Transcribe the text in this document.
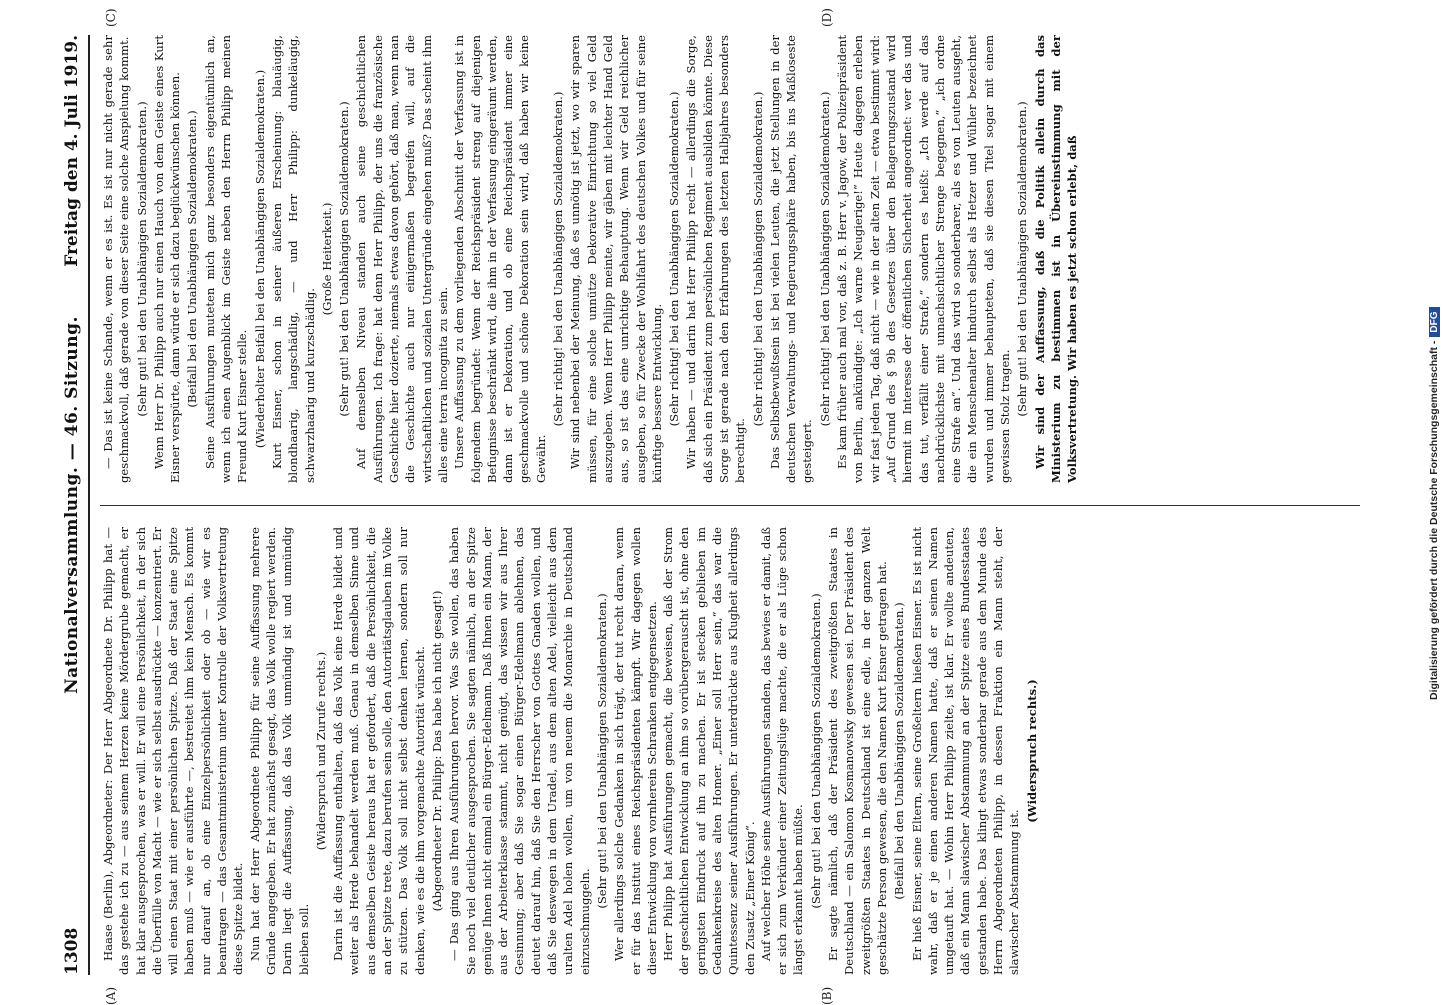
1308
Nationalversammlung. — 46. Sitzung.
Freitag den 4. Juli 1919.
(A)	(B)
(C)	(D)

Haase (Berlin), Abgeordneter: Der Herr Abgeordnete Dr. Philipp hat — das gestehe ich zu — aus seinem Herzen keine Mördergrube gemacht, er hat klar ausgesprochen, was er will. Er will eine Persönlichkeit, in der sich die Überfülle von Macht — wie er sich selbst ausdrückte — konzentriert. Er will einen Staat mit einer persönlichen Spitze. Daß der Staat eine Spitze haben muß — wie er ausführte —, bestreitet ihm kein Mensch. Es kommt nur darauf an, ob eine Einzelpersönlichkeit oder ob — wie wir es beantragen — das Gesamtministerium unter Kontrolle der Volksvertretung diese Spitze bildet. Nun hat der Herr Abgeordnete Philipp für seine Auffassung mehrere Gründe angegeben. Er hat zunächst gesagt, das Volk wolle regiert werden. Darin liegt die Auffassung, daß das Volk unmündig ist und unmündig bleiben soll.

(Widerspruch und Zurufe rechts.) Darin ist die Auffassung enthalten, daß das Volk eine Herde bildet und weiter als Herde behandelt werden muß. Genau in demselben Sinne und aus demselben Geiste heraus hat er gefordert, daß die Persönlichkeit, die an der Spitze trete, dazu berufen sein solle, den Autoritätsglauben im Volke zu stützen. Das Volk soll nicht selbst denken lernen, sondern soll nur denken, wie es die ihm vorgemachte Autorität wünscht. (Abgeordneter Dr. Philipp: Das habe ich nicht gesagt!) — Das ging aus Ihren Ausführungen hervor. Was Sie wollen, das haben Sie noch viel deutlicher ausgesprochen. Sie sagten nämlich, an der Spitze genüge Ihnen nicht einmal ein Bürger-Edelmann. Daß Ihnen ein Mann, der aus der Arbeiterklasse stammt, nicht genügt, das wissen wir aus Ihrer Gesinnung; aber daß Sie sogar einen Bürger-Edelmann ablehnen, das deutet darauf hin, daß Sie den Herrscher von Gottes Gnaden wollen, und daß Sie deswegen in dem Uradel, aus dem alten Adel, vielleicht aus dem uralten Adel holen wollen, um von neuem die Monarchie in Deutschland einzuschmuggeln.

(Sehr gut! bei den Unabhängigen Sozialdemokraten.) Wer allerdings solche Gedanken in sich trägt, der tut recht daran, wenn er für das Institut eines Reichspräsidenten kämpft. Wir dagegen wollen dieser Entwicklung von vornherein Schranken entgegensetzen. Herr Philipp hat Ausführungen gemacht, die beweisen, daß der Strom der geschichtlichen Entwicklung an ihm so vorübergerauscht ist, ohne den geringsten Eindruck auf ihn zu machen. Er ist stecken geblieben im Gedankenkreise des alten Homer. „Einer soll Herr sein,“ das war die Quintessenz seiner Ausführungen. Er unterdrückte aus Klugheit allerdings den Zusatz „Einer König“. Auf welcher Höhe seine Ausführungen standen, das bewies er damit, daß er sich zum Verkünder einer Zeitungslüge machte, die er als Lüge schon längst erkannt haben müßte. (Sehr gut! bei den Unabhängigen Sozialdemokraten.) Er sagte nämlich, daß der Präsident des zweitgrößten Staates in Deutschland — ein Salomon Kosmanowsky gewesen sei. Der Präsident des zweitgrößten Staates in Deutschland ist eine edle, in der ganzen Welt geschätzte Person gewesen, die den Namen Kurt Eisner getragen hat. (Beifall bei den Unabhängigen Sozialdemokraten.) Er hieß Eisner, seine Eltern, seine Großeltern hießen Eisner. Es ist nicht wahr, daß er je einen anderen Namen hatte, daß er seinen Namen umgetauft hat. — Wohin Herr Philipp zielte, ist klar. Er wollte andeuten, daß ein Mann slawischer Abstammung an der Spitze eines Bundesstaates gestanden habe. Das klingt etwas sonderbar gerade aus dem Munde des Herrn Abgeordneten Philipp, in dessen Fraktion ein Mann steht, der slawischer Abstammung ist.

(Widerspruch rechts.)

— Das ist keine Schande, wenn er es ist. Es ist nur nicht gerade sehr geschmackvoll, daß gerade von dieser Seite eine solche Anspielung kommt. (Sehr gut! bei den Unabhängigen Sozialdemokraten.) Wenn Herr Dr. Philipp auch nur einen Hauch von dem Geiste eines Kurt Eisner verspürte, dann würde er sich dazu beglückwünschen können. (Beifall bei den Unabhängigen Sozialdemokraten.) Seine Ausführungen muteten mich ganz besonders eigentümlich an, wenn ich einen Augenblick im Geiste neben den Herrn Philipp meinen Freund Kurt Eisner stelle. (Wiederholter Beifall bei den Unabhängigen Sozialdemokraten.) Kurt Eisner, schon in seiner äußeren Erscheinung: blauäugig, blondhaarig, langschädlig, — und Herr Philipp: dunkeläugig, schwarzhaarig und kurzschädlig.

(Große Heiterkeit.) (Sehr gut! bei den Unabhängigen Sozialdemokraten.) Auf demselben Niveau standen auch seine geschichtlichen Ausführungen. Ich frage: hat denn Herr Philipp, der uns die französische Geschichte hier dozierte, niemals etwas davon gehört, daß man, wenn man die Geschichte auch nur einigermaßen begreifen will, auf die wirtschaftlichen und sozialen Untergründe eingehen muß? Das scheint ihm alles eine terra incognita zu sein. Unsere Auffassung zu dem vorliegenden Abschnitt der Verfassung ist in folgendem begründet: Wenn der Reichspräsident streng auf diejenigen Befugnisse beschränkt wird, die ihm in der Verfassung eingeräumt werden, dann ist er Dekoration, und ob eine Reichspräsident immer eine geschmackvolle und schöne Dekoration sein wird, daß haben wir keine Gewähr.

(Sehr richtig! bei den Unabhängigen Sozialdemokraten.) Wir sind nebenbei der Meinung, daß es unnötig ist jetzt, wo wir sparen müssen, für eine solche unnütze Dekorative Einrichtung so viel Geld auszugeben. Wenn Herr Philipp meinte, wir gäben mit leichter Hand Geld aus, so ist das eine unrichtige Behauptung. Wenn wir Geld reichlicher ausgeben, so für Zwecke der Wohlfahrt des deutschen Volkes und für seine künftige bessere Entwicklung. (Sehr richtig! bei den Unabhängigen Sozialdemokraten.) Wir haben — und darin hat Herr Philipp recht — allerdings die Sorge, daß sich ein Präsident zum persönlichen Regiment ausbilden könnte. Diese Sorge ist gerade nach den Erfahrungen des letzten Halbjahres besonders berechtigt.

(Sehr richtig! bei den Unabhängigen Sozialdemokraten.) Das Selbstbewußtsein ist bei vielen Leuten, die jetzt Stellungen in der deutschen Verwaltungs- und Regierungssphäre haben, bis ins Maßloseste gesteigert.

(Sehr richtig! bei den Unabhängigen Sozialdemokraten.) Es kam früher auch mal vor, daß z. B. Herr v. Jagow, der Polizeipräsident von Berlin, ankündigte: „Ich warne Neugierige!“ Heute dagegen erleben wir fast jeden Tag, daß nicht — wie in der alten Zeit — etwa bestimmt wird: „Auf Grund des § 9b des Gesetzes über den Belagerungszustand wird hiermit im Interesse der öffentlichen Sicherheit angeordnet: wer das und das tut, verfällt einer Strafe,“ sondern es heißt: „Ich werde auf das nachdrücklichste mit unnachsichtlicher Strenge begegnen,“ „ich ordne eine Strafe an“. Und das wird so sonderbarer, als es von Leuten ausgeht, die ein Menschenalter hindurch selbst als Hetzer und Wühler bezeichnet wurden und immer behaupteten, daß sie diesen Titel sogar mit einem gewissen Stolz tragen. (Sehr gut! bei den Unabhängigen Sozialdemokraten.) Wir sind der Auffassung, daß die Politik allein durch das Ministerium zu bestimmen ist in Übereinstimmung mit der Volksvertretung. Wir haben es jetzt schon erlebt, daß

Digitalisierung gefördert durch die Deutsche Forschungsgemeinschaft -DFG
